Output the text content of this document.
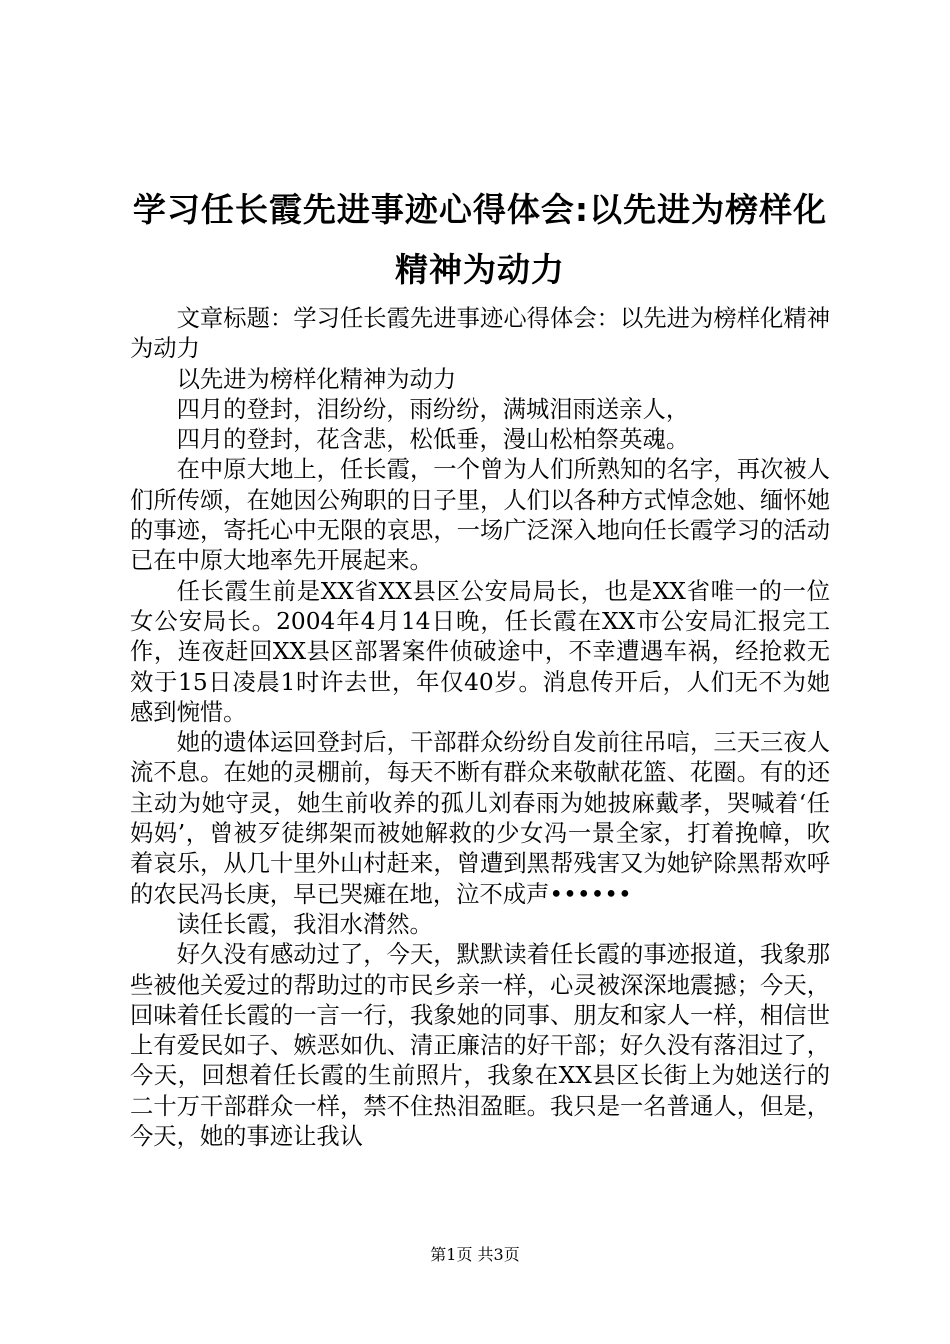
学习任长霞先进事迹心得体会:以先进为榜样化精神为动力

文章标题：学习任长霞先进事迹心得体会：以先进为榜样化精神为动力

以先进为榜样化精神为动力

四月的登封，泪纷纷，雨纷纷，满城泪雨送亲人，

四月的登封，花含悲，松低垂，漫山松柏祭英魂。

在中原大地上，任长霞，一个曾为人们所熟知的名字，再次被人们所传颂，在她因公殉职的日子里，人们以各种方式悼念她、缅怀她的事迹，寄托心中无限的哀思，一场广泛深入地向任长霞学习的活动已在中原大地率先开展起来。

任长霞生前是XX省XX县区公安局局长，也是XX省唯一的一位女公安局长。2004年4月14日晚，任长霞在XX市公安局汇报完工作，连夜赶回XX县区部署案件侦破途中，不幸遭遇车祸，经抢救无效于15日凌晨1时许去世，年仅40岁。消息传开后，人们无不为她感到惋惜。

她的遗体运回登封后，干部群众纷纷自发前往吊唁，三天三夜人流不息。在她的灵棚前，每天不断有群众来敬献花篮、花圈。有的还主动为她守灵，她生前收养的孤儿刘春雨为她披麻戴孝，哭喊着‘任妈妈’，曾被歹徒绑架而被她解救的少女冯一景全家，打着挽幛，吹着哀乐，从几十里外山村赶来，曾遭到黑帮残害又为她铲除黑帮欢呼的农民冯长庚，早已哭瘫在地，泣不成声••••••

读任长霞，我泪水潸然。

好久没有感动过了，今天，默默读着任长霞的事迹报道，我象那些被他关爱过的帮助过的市民乡亲一样，心灵被深深地震撼；今天，回味着任长霞的一言一行，我象她的同事、朋友和家人一样，相信世上有爱民如子、嫉恶如仇、清正廉洁的好干部；好久没有落泪过了，今天，回想着任长霞的生前照片，我象在XX县区长街上为她送行的二十万干部群众一样，禁不住热泪盈眶。我只是一名普通人，但是，今天，她的事迹让我认

第1页 共3页
